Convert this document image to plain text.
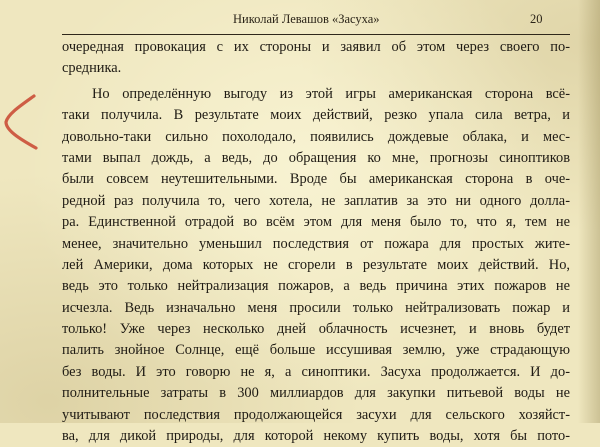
Николай Левашов «Засуха»	20
очередная провокация с их стороны и заявил об этом через своего по-
средника.
Но определённую выгоду из этой игры американская сторона всё-
таки получила. В результате моих действий, резко упала сила ветра, и
довольно-таки сильно похолодало, появились дождевые облака, и мес-
тами выпал дождь, а ведь, до обращения ко мне, прогнозы синоптиков
были совсем неутешительными. Вроде бы американская сторона в оче-
редной раз получила то, чего хотела, не заплатив за это ни одного долла-
ра. Единственной отрадой во всём этом для меня было то, что я, тем не
менее, значительно уменьшил последствия от пожара для простых жите-
лей Америки, дома которых не сгорели в результате моих действий. Но,
ведь это только нейтрализация пожаров, а ведь причина этих пожаров не
исчезла. Ведь изначально меня просили только нейтрализовать пожар и
только! Уже через несколько дней облачность исчезнет, и вновь будет
палить знойное Солнце, ещё больше иссушивая землю, уже страдающую
без воды. И это говорю не я, а синоптики. Засуха продолжается. И до-
полнительные затраты в 300 миллиардов для закупки питьевой воды не
учитывают последствия продолжающейся засухи для сельского хозяйст-
ва, для дикой природы, для которой некому купить воды, хотя бы пото-
